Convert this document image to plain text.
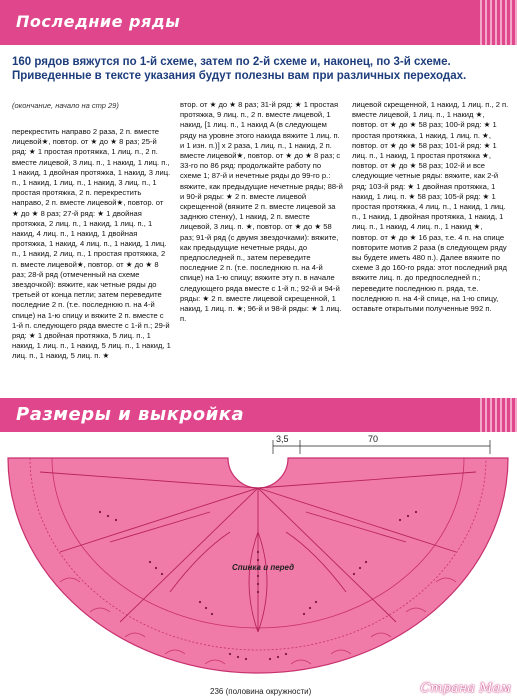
Последние ряды
160 рядов вяжутся по 1-й схеме, затем по 2-й схеме и, наконец, по 3-й схеме. Приведенные в тексте указания будут полезны вам при различных переходах.
(окончание, начало на стр 29)
перекрестить направо 2 раза, 2 п. вместе лицевой★, повтор. от ★ до ★ 8 раз; 25-й ряд: ★ 1 простая протяжка, 1 лиц. п., 2 п. вместе лицевой, 3 лиц. п., 1 накид, 1 лиц. п., 1 накид, 1 двойная протяжка, 1 накид, 3 лиц. п., 1 накид, 1 лиц. п., 1 накид, 3 лиц. п., 1 простая протяжка, 2 п. перекрестить направо, 2 п. вместе лицевой★, повтор. от ★ до ★ 8 раз; 27-й ряд: ★ 1 двойная протяжка, 2 лиц. п., 1 накид, 1 лиц. п., 1 накид, 4 лиц. п., 1 накид, 1 двойная протяжка, 1 накид, 4 лиц. п., 1 накид, 1 лиц. п., 1 накид, 2 лиц. п., 1 простая протяжка, 2 п. вместе лицевой★, повтор. от ★ до ★ 8 раз; 28-й ряд (отмеченный на схеме звездочкой): вяжите, как четные ряды до третьей от конца петли; затем переведите последние 2 п. (т.е. последнюю п. на 4-й спице) на 1-ю спицу и вяжите 2 п. вместе с 1-й п. следующего ряда вместе с 1-й п.; 29-й ряд: ★ 1 двойная протяжка, 5 лиц. п., 1 накид, 1 лиц. п., 1 накид, 5 лиц. п., 1 накид, 1 лиц. п., 1 накид, 5 лиц. п. ★
втор. от ★ до ★ 8 раз; 31-й ряд: ★ 1 простая протяжка, 9 лиц. п., 2 п. вместе лицевой, 1 накид, [1 лиц. п., 1 накид A (в следующем ряду на уровне этого накида вяжите 1 лиц. п. и 1 изн. п.)] x 2 раза, 1 лиц. п., 1 накид, 2 п. вместе лицевой★, повтор. от ★ до ★ 8 раз; с 33-го по 86 ряд: продолжайте работу по схеме 1; 87-й и нечетные ряды до 99-го р.: вяжите, как предыдущие нечетные ряды; 88-й и 90-й ряды: ★ 2 п. вместе лицевой скрещенной (вяжите 2 п. вместе лицевой за заднюю стенку), 1 накид, 2 п. вместе лицевой, 3 лиц. п. ★, повтор. от ★ до ★ 58 раз; 91-й ряд (с двумя звездочками): вяжите, как предыдущие нечетные ряды, до предпоследней п., затем переведите последние 2 п. (т.е. последнюю п. на 4-й спице) на 1-ю спицу; вяжите эту п. в начале следующего ряда вместе с 1-й п.; 92-й и 94-й ряды: ★ 2 п. вместе лицевой скрещенной, 1 накид, 1 лиц. п. ★; 96-й и 98-й ряды: ★ 1 лиц. п.
лицевой скрещенной, 1 накид, 1 лиц. п., 2 п. вместе лицевой, 1 лиц. п., 1 накид ★, повтор. от ★ до ★ 58 раз; 100-й ряд: ★ 1 простая протяжка, 1 накид, 1 лиц. п. ★, повтор. от ★ до ★ 58 раз; 101-й ряд: ★ 1 лиц. п., 1 накид, 1 простая протяжка ★, повтор. от ★ до ★ 58 раз; 102-й и все следующие четные ряды: вяжите, как 2-й ряд; 103-й ряд: ★ 1 двойная протяжка, 1 накид, 1 лиц. п. ★ 58 раз; 105-й ряд: ★ 1 простая протяжка, 4 лиц. п., 1 накид, 1 лиц. п., 1 накид, 1 двойная протяжка, 1 накид, 1 лиц. п., 1 накид, 4 лиц. п., 1 накид ★, повтор. от ★ до ★ 16 раз, т.е. 4 п. на спице повторите мотив 2 раза (в следующем ряду вы будете иметь 480 п.). Далее вяжите по схеме 3 до 160-го ряда: этот последний ряд вяжите лиц. п. до предпоследней п.; переведите последнюю п. ряда, т.е. последнюю п. на 4-й спице, на 1-ю спицу, оставьте открытыми полученные 992 п.
Размеры и выкройка
3,5	70
Спинка и перед
236 (половина окружности)	Страна Мам
